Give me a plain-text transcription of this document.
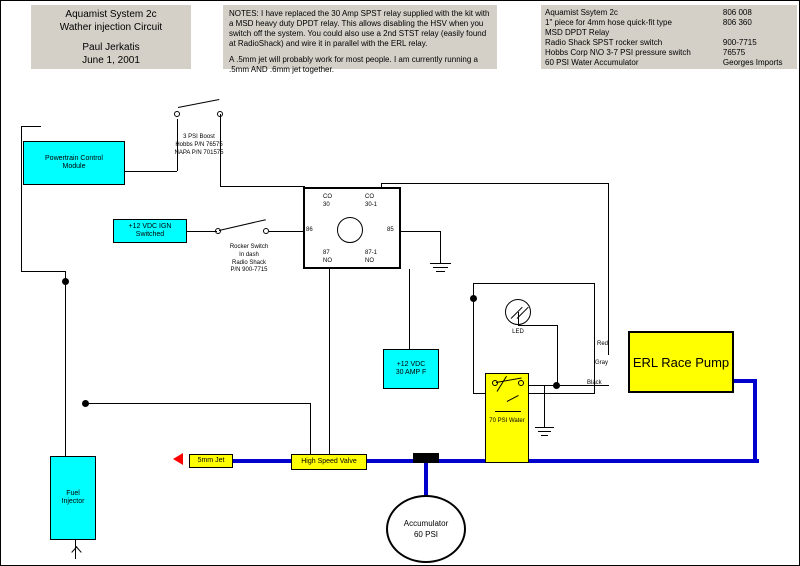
Aquamist System 2c
Wather injection Circuit
Paul Jerkatis
June 1, 2001
NOTES: I have replaced the 30 Amp SPST relay supplied with the kit with a MSD heavy duty DPDT relay. This allows disabling the HSV when you switch off the system. You could also use a 2nd STST relay (easily found at RadioShack) and wire it in parallel with the ERL relay.
A .5mm jet will probably work for most people. I am currently running a .5mm AND .6mm jet together.
Aquamist Ssytem 2c	806 008
1" piece for 4mm hose quick-fit type	806 360
MSD DPDT Relay	
Radio Shack SPST rocker switch	900-7715
Hobbs Corp N\O 3-7 PSI pressure switch	76575
60 PSI Water Accumulator	Georges Imports
3 PSI Boost
Hobbs P/N 76575
NAPA P/N 701575
Rocker Switch
In dash
Radio Shack
P/N 900-7715
CO
30
CO
30-1
86	85
87
NO
87-1
NO
LED
Powertrain Control
Module
+12 VDC IGN Switched
+12 VDC
30 AMP F
70 PSI Water
ERL Race Pump
Red
Gray
Black
5mm Jet	High Speed Valve
Fuel
Injector
Accumulator
60 PSI
